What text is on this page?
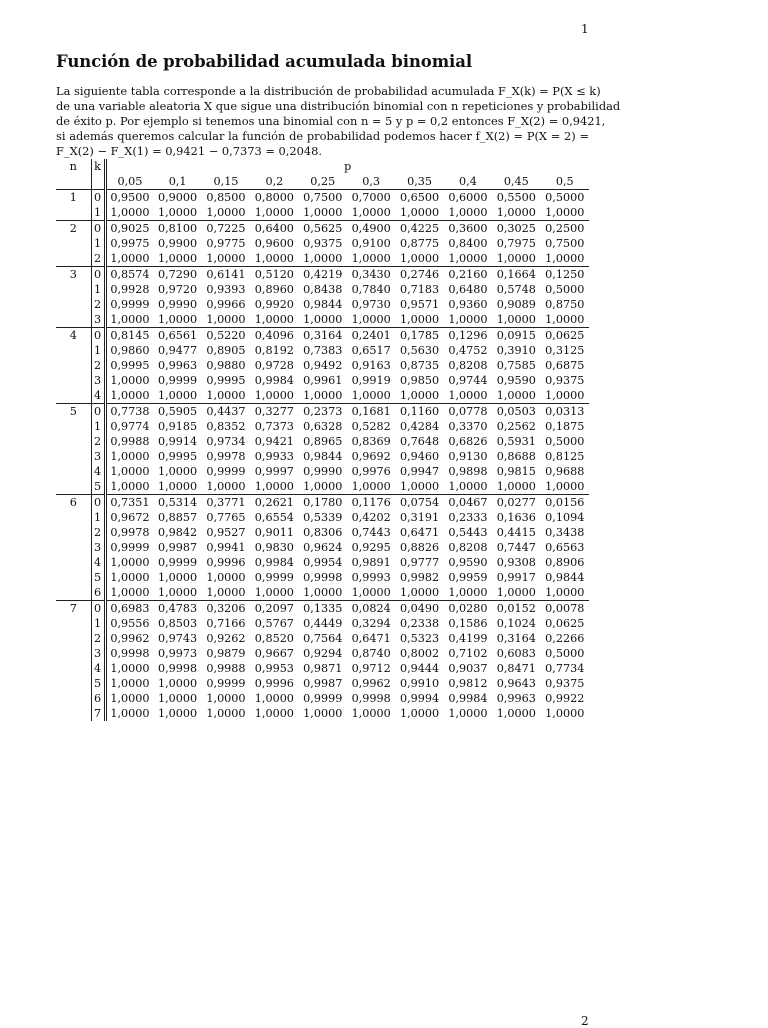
1
Función de probabilidad acumulada binomial
La siguiente tabla corresponde a la distribución de probabilidad acumulada F_X(k) = P(X ≤ k)
de una variable aleatoria X que sigue una distribución binomial con n repeticiones y probabilidad
de éxito p. Por ejemplo si tenemos una binomial con n = 5 y p = 0,2 entonces F_X(2) = 0,9421,
si además queremos calcular la función de probabilidad podemos hacer f_X(2) = P(X = 2) =
F_X(2) − F_X(1) = 0,9421 − 0,7373 = 0,2048.
n	k	p									
		0,05	0,1	0,15	0,2	0,25	0,3	0,35	0,4	0,45	0,5
1	0	0,9500	0,9000	0,8500	0,8000	0,7500	0,7000	0,6500	0,6000	0,5500	0,5000
	1	1,0000	1,0000	1,0000	1,0000	1,0000	1,0000	1,0000	1,0000	1,0000	1,0000
2	0	0,9025	0,8100	0,7225	0,6400	0,5625	0,4900	0,4225	0,3600	0,3025	0,2500
	1	0,9975	0,9900	0,9775	0,9600	0,9375	0,9100	0,8775	0,8400	0,7975	0,7500
	2	1,0000	1,0000	1,0000	1,0000	1,0000	1,0000	1,0000	1,0000	1,0000	1,0000
3	0	0,8574	0,7290	0,6141	0,5120	0,4219	0,3430	0,2746	0,2160	0,1664	0,1250
	1	0,9928	0,9720	0,9393	0,8960	0,8438	0,7840	0,7183	0,6480	0,5748	0,5000
	2	0,9999	0,9990	0,9966	0,9920	0,9844	0,9730	0,9571	0,9360	0,9089	0,8750
	3	1,0000	1,0000	1,0000	1,0000	1,0000	1,0000	1,0000	1,0000	1,0000	1,0000
4	0	0,8145	0,6561	0,5220	0,4096	0,3164	0,2401	0,1785	0,1296	0,0915	0,0625
	1	0,9860	0,9477	0,8905	0,8192	0,7383	0,6517	0,5630	0,4752	0,3910	0,3125
	2	0,9995	0,9963	0,9880	0,9728	0,9492	0,9163	0,8735	0,8208	0,7585	0,6875
	3	1,0000	0,9999	0,9995	0,9984	0,9961	0,9919	0,9850	0,9744	0,9590	0,9375
	4	1,0000	1,0000	1,0000	1,0000	1,0000	1,0000	1,0000	1,0000	1,0000	1,0000
5	0	0,7738	0,5905	0,4437	0,3277	0,2373	0,1681	0,1160	0,0778	0,0503	0,0313
	1	0,9774	0,9185	0,8352	0,7373	0,6328	0,5282	0,4284	0,3370	0,2562	0,1875
	2	0,9988	0,9914	0,9734	0,9421	0,8965	0,8369	0,7648	0,6826	0,5931	0,5000
	3	1,0000	0,9995	0,9978	0,9933	0,9844	0,9692	0,9460	0,9130	0,8688	0,8125
	4	1,0000	1,0000	0,9999	0,9997	0,9990	0,9976	0,9947	0,9898	0,9815	0,9688
	5	1,0000	1,0000	1,0000	1,0000	1,0000	1,0000	1,0000	1,0000	1,0000	1,0000
6	0	0,7351	0,5314	0,3771	0,2621	0,1780	0,1176	0,0754	0,0467	0,0277	0,0156
	1	0,9672	0,8857	0,7765	0,6554	0,5339	0,4202	0,3191	0,2333	0,1636	0,1094
	2	0,9978	0,9842	0,9527	0,9011	0,8306	0,7443	0,6471	0,5443	0,4415	0,3438
	3	0,9999	0,9987	0,9941	0,9830	0,9624	0,9295	0,8826	0,8208	0,7447	0,6563
	4	1,0000	0,9999	0,9996	0,9984	0,9954	0,9891	0,9777	0,9590	0,9308	0,8906
	5	1,0000	1,0000	1,0000	0,9999	0,9998	0,9993	0,9982	0,9959	0,9917	0,9844
	6	1,0000	1,0000	1,0000	1,0000	1,0000	1,0000	1,0000	1,0000	1,0000	1,0000
7	0	0,6983	0,4783	0,3206	0,2097	0,1335	0,0824	0,0490	0,0280	0,0152	0,0078
	1	0,9556	0,8503	0,7166	0,5767	0,4449	0,3294	0,2338	0,1586	0,1024	0,0625
	2	0,9962	0,9743	0,9262	0,8520	0,7564	0,6471	0,5323	0,4199	0,3164	0,2266
	3	0,9998	0,9973	0,9879	0,9667	0,9294	0,8740	0,8002	0,7102	0,6083	0,5000
	4	1,0000	0,9998	0,9988	0,9953	0,9871	0,9712	0,9444	0,9037	0,8471	0,7734
	5	1,0000	1,0000	0,9999	0,9996	0,9987	0,9962	0,9910	0,9812	0,9643	0,9375
	6	1,0000	1,0000	1,0000	1,0000	0,9999	0,9998	0,9994	0,9984	0,9963	0,9922
	7	1,0000	1,0000	1,0000	1,0000	1,0000	1,0000	1,0000	1,0000	1,0000	1,0000
2
